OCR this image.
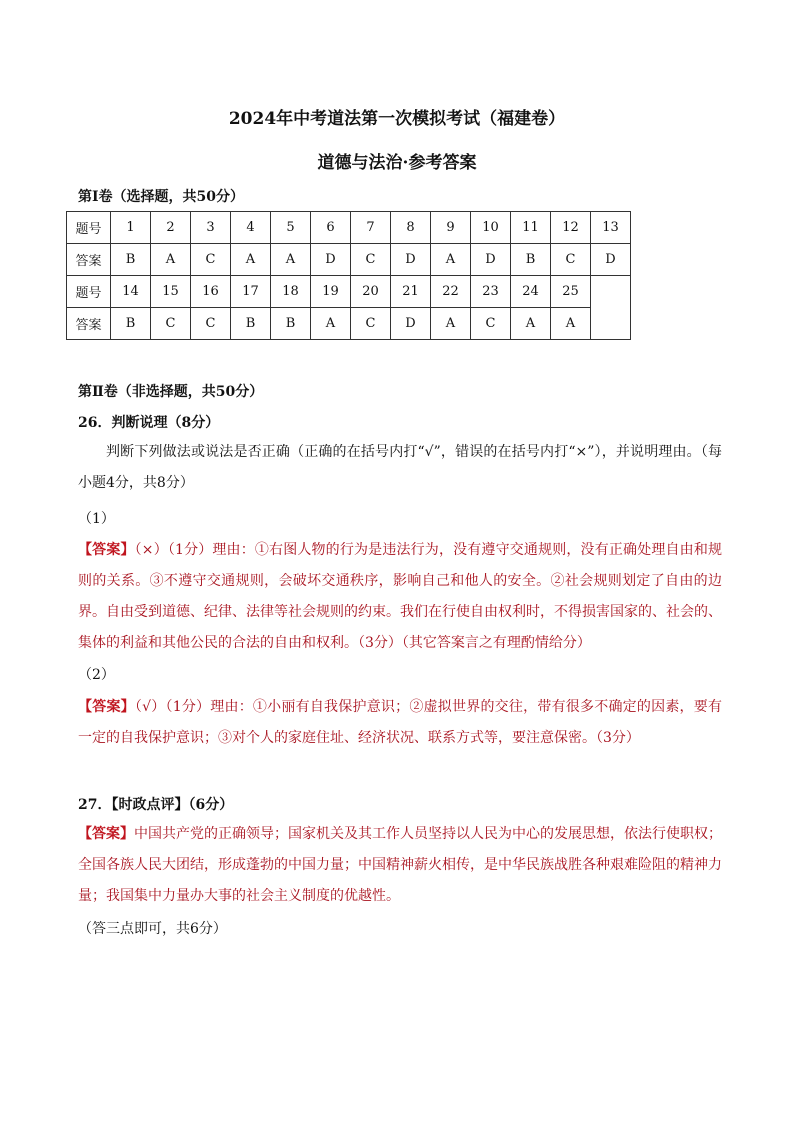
2024年中考道法第一次模拟考试（福建卷）
道德与法治·参考答案
第Ⅰ卷（选择题，共50分）
题号	1	2	3	4	5	6	7	8	9	10	11	12	13
答案	B	A	C	A	A	D	C	D	A	D	B	C	D
题号	14	15	16	17	18	19	20	21	22	23	24	25	
答案	B	C	C	B	B	A	C	D	A	C	A	A	
第Ⅱ卷（非选择题，共50分）
26．判断说理（8分）
判断下列做法或说法是否正确（正确的在括号内打“√”，错误的在括号内打“×”），并说明理由。（每小题4分，共8分）
（1）
【答案】（×）（1分）理由：①右图人物的行为是违法行为，没有遵守交通规则，没有正确处理自由和规则的关系。③不遵守交通规则，会破坏交通秩序，影响自己和他人的安全。②社会规则划定了自由的边界。自由受到道德、纪律、法律等社会规则的约束。我们在行使自由权利时，不得损害国家的、社会的、集体的利益和其他公民的合法的自由和权利。（3分）（其它答案言之有理酌情给分）
（2）
【答案】（√）（1分）理由：①小丽有自我保护意识；②虚拟世界的交往，带有很多不确定的因素，要有一定的自我保护意识；③对个人的家庭住址、经济状况、联系方式等，要注意保密。（3分）
27．【时政点评】（6分）
【答案】中国共产党的正确领导；国家机关及其工作人员坚持以人民为中心的发展思想，依法行使职权；全国各族人民大团结，形成蓬勃的中国力量；中国精神薪火相传，是中华民族战胜各种艰难险阻的精神力量；我国集中力量办大事的社会主义制度的优越性。
（答三点即可，共6分）
